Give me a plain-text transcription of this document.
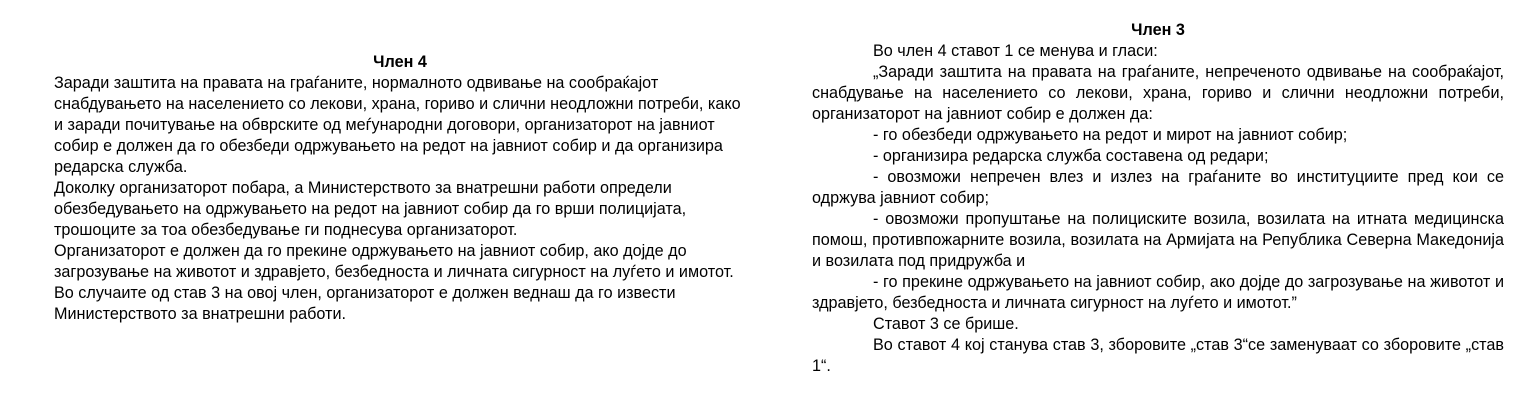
Член 4

Заради заштита на правата на граѓаните, нормалното одвивање на сообраќајот снабдувањето на населението со лекови, храна, гориво и слични неодложни потреби, како и заради почитување на обврските од меѓународни договори, организаторот на јавниот собир е должен да го обезбеди одржувањето на редот на јавниот собир и да организира редарска служба.

Доколку организаторот побара, а Министерството за внатрешни работи определи обезбедувањето на одржувањето на редот на јавниот собир да го врши полицијата, трошоците за тоа обезбедување ги поднесува организаторот.

Организаторот е должен да го прекине одржувањето на јавниот собир, ако дојде до загрозување на животот и здравјето, безбедноста и личната сигурност на луѓето и имотот.

Во случаите од став 3 на овој член, организаторот е должен веднаш да го извести Министерството за внатрешни работи.

Член 3

Во член 4 ставот 1 се менува и гласи:

„Заради заштита на правата на граѓаните, непреченото одвивање на сообраќајот, снабдување на населението со лекови, храна, гориво и слични неодложни потреби, организаторот на јавниот собир е должен да:

- го обезбеди одржувањето на редот и мирот на јавниот собир;

- организира редарска служба составена од редари;

- овозможи непречен влез и излез на граѓаните во институциите пред кои се одржува јавниот собир;

- овозможи пропуштање на полициските возила, возилата на итната медицинска помош, противпожарните возила, возилата на Армијата на Република Северна Македонија и возилата под придружба и

- го прекине одржувањето на јавниот собир, ако дојде до загрозување на животот и здравјето, безбедноста и личната сигурност на луѓето и имотот.”

Ставот 3 се брише.

Во ставот 4 кој станува став 3, зборовите „став 3“се заменуваат со зборовите „став 1“.
